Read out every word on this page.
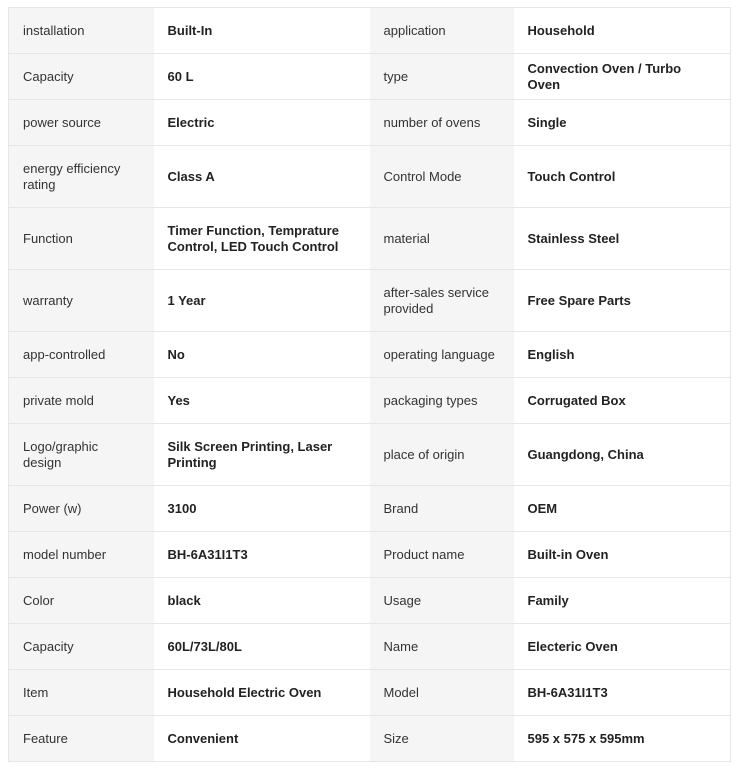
installation	Built-In	application	Household
Capacity	60 L	type	Convection Oven / Turbo Oven
power source	Electric	number of ovens	Single
energy efficiency rating	Class A	Control Mode	Touch Control
Function	Timer Function, Temprature Control, LED Touch Control	material	Stainless Steel
warranty	1 Year	after-sales service provided	Free Spare Parts
app-controlled	No	operating language	English
private mold	Yes	packaging types	Corrugated Box
Logo/graphic design	Silk Screen Printing, Laser Printing	place of origin	Guangdong, China
Power (w)	3100	Brand	OEM
model number	BH-6A31I1T3	Product name	Built-in Oven
Color	black	Usage	Family
Capacity	60L/73L/80L	Name	Electeric Oven
Item	Household Electric Oven	Model	BH-6A31I1T3
Feature	Convenient	Size	595 x 575 x 595mm
